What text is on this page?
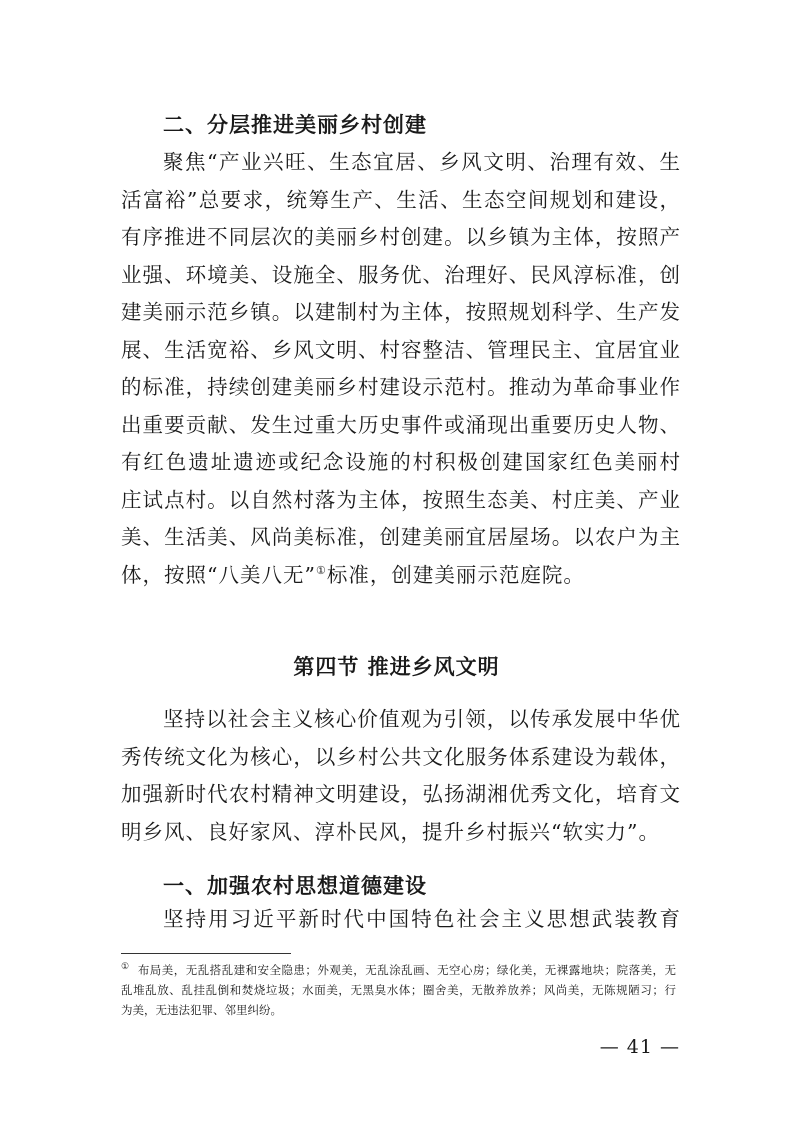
二、分层推进美丽乡村创建
聚焦“产业兴旺、生态宜居、乡风文明、治理有效、生
活富裕”总要求，统筹生产、生活、生态空间规划和建设，
有序推进不同层次的美丽乡村创建。以乡镇为主体，按照产
业强、环境美、设施全、服务优、治理好、民风淳标准，创
建美丽示范乡镇。以建制村为主体，按照规划科学、生产发
展、生活宽裕、乡风文明、村容整洁、管理民主、宜居宜业
的标准，持续创建美丽乡村建设示范村。推动为革命事业作
出重要贡献、发生过重大历史事件或涌现出重要历史人物、
有红色遗址遗迹或纪念设施的村积极创建国家红色美丽村
庄试点村。以自然村落为主体，按照生态美、村庄美、产业
美、生活美、风尚美标准，创建美丽宜居屋场。以农户为主
体，按照“八美八无”①标准，创建美丽示范庭院。
第四节 推进乡风文明
坚持以社会主义核心价值观为引领，以传承发展中华优
秀传统文化为核心，以乡村公共文化服务体系建设为载体，
加强新时代农村精神文明建设，弘扬湖湘优秀文化，培育文
明乡风、良好家风、淳朴民风，提升乡村振兴“软实力”。
一、加强农村思想道德建设
坚持用习近平新时代中国特色社会主义思想武装教育
① 布局美，无乱搭乱建和安全隐患；外观美，无乱涂乱画、无空心房；绿化美，无裸露地块；院落美，无
乱堆乱放、乱挂乱倒和焚烧垃圾；水面美，无黑臭水体；圈舍美，无散养放养；风尚美，无陈规陋习；行
为美，无违法犯罪、邻里纠纷。
— 41 —
